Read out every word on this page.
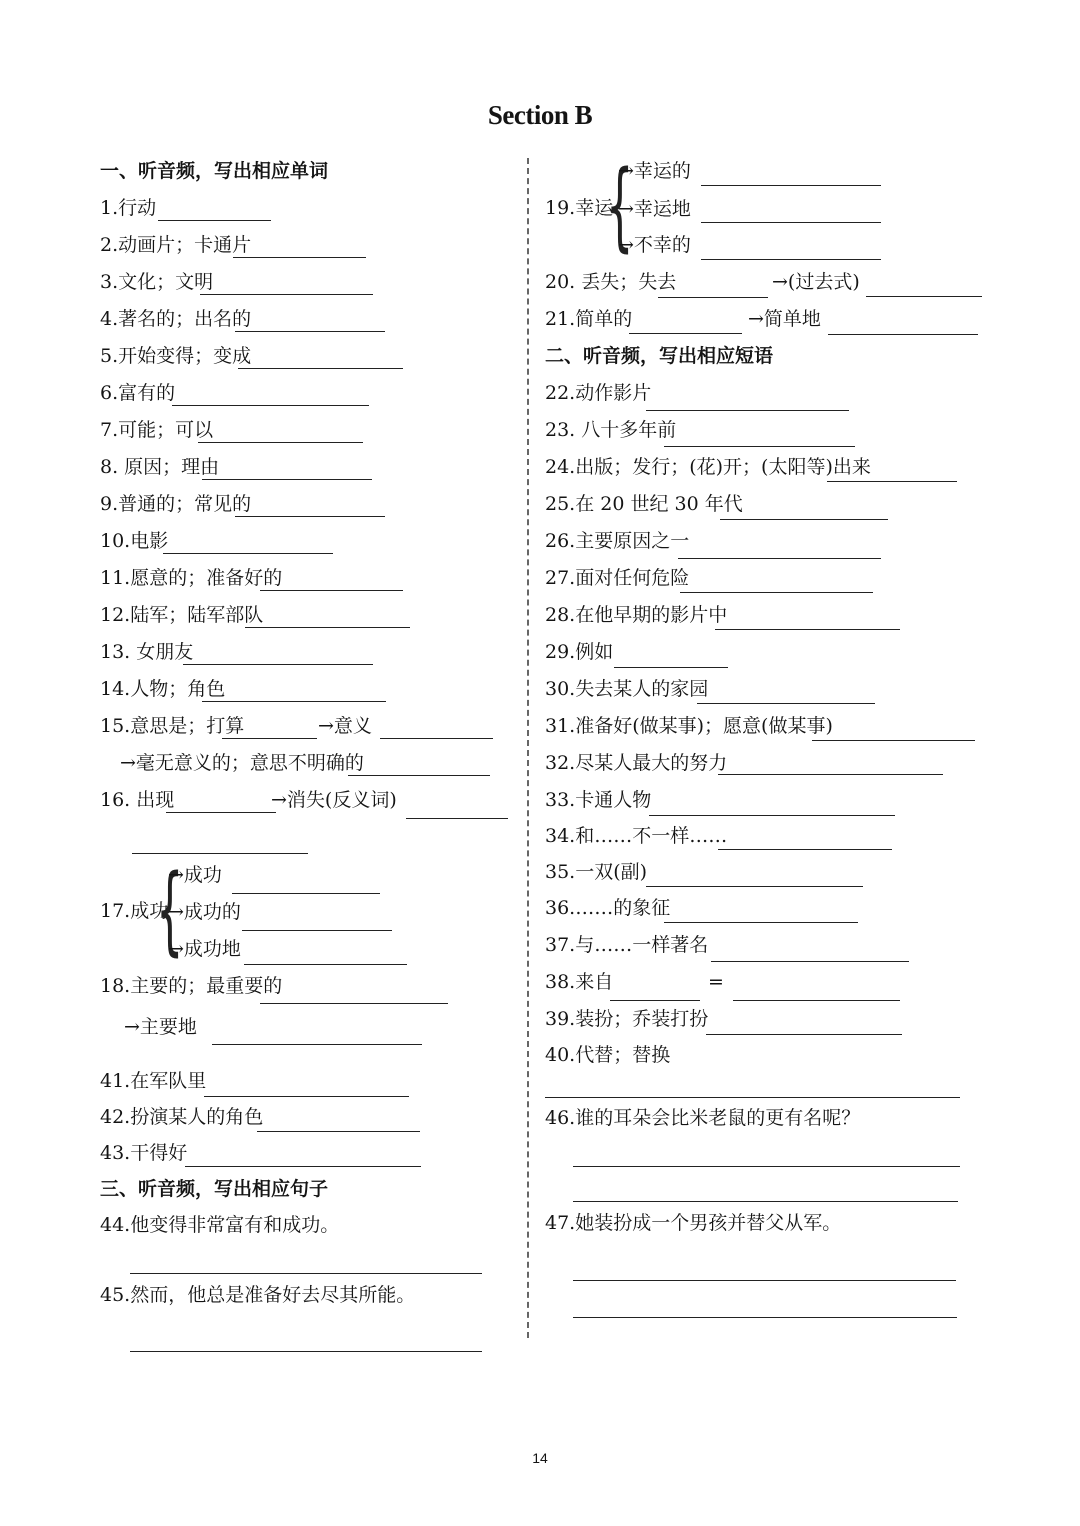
Section B
一、听音频，写出相应单词
1.行动
2.动画片；卡通片
3.文化；文明
4.著名的；出名的
5.开始变得；变成
6.富有的
7.可能；可以
8. 原因；理由
9.普通的；常见的
10.电影
11.愿意的；准备好的
12.陆军；陆军部队
13. 女朋友
14.人物；角色
15.意思是；打算	→意义
→毫无意义的；意思不明确的
16. 出现	→消失(反义词)
17.成功
{
→成功
→成功的
→成功地
18.主要的；最重要的
→主要地
41.在军队里
42.扮演某人的角色
43.干得好
三、听音频，写出相应句子
44.他变得非常富有和成功。
45.然而，他总是准备好去尽其所能。
19.幸运
{
→幸运的
→幸运地
→不幸的
20. 丢失；失去	→(过去式)
21.简单的	→简单地
二、听音频，写出相应短语
22.动作影片
23. 八十多年前
24.出版；发行；(花)开；(太阳等)出来
25.在 20 世纪 30 年代
26.主要原因之一
27.面对任何危险
28.在他早期的影片中
29.例如
30.失去某人的家园
31.准备好(做某事)；愿意(做某事)
32.尽某人最大的努力
33.卡通人物
34.和……不一样……
35.一双(副)
36.……的象征
37.与……一样著名
38.来自	=
39.装扮；乔装打扮
40.代替；替换
46.谁的耳朵会比米老鼠的更有名呢？
47.她装扮成一个男孩并替父从军。
14
